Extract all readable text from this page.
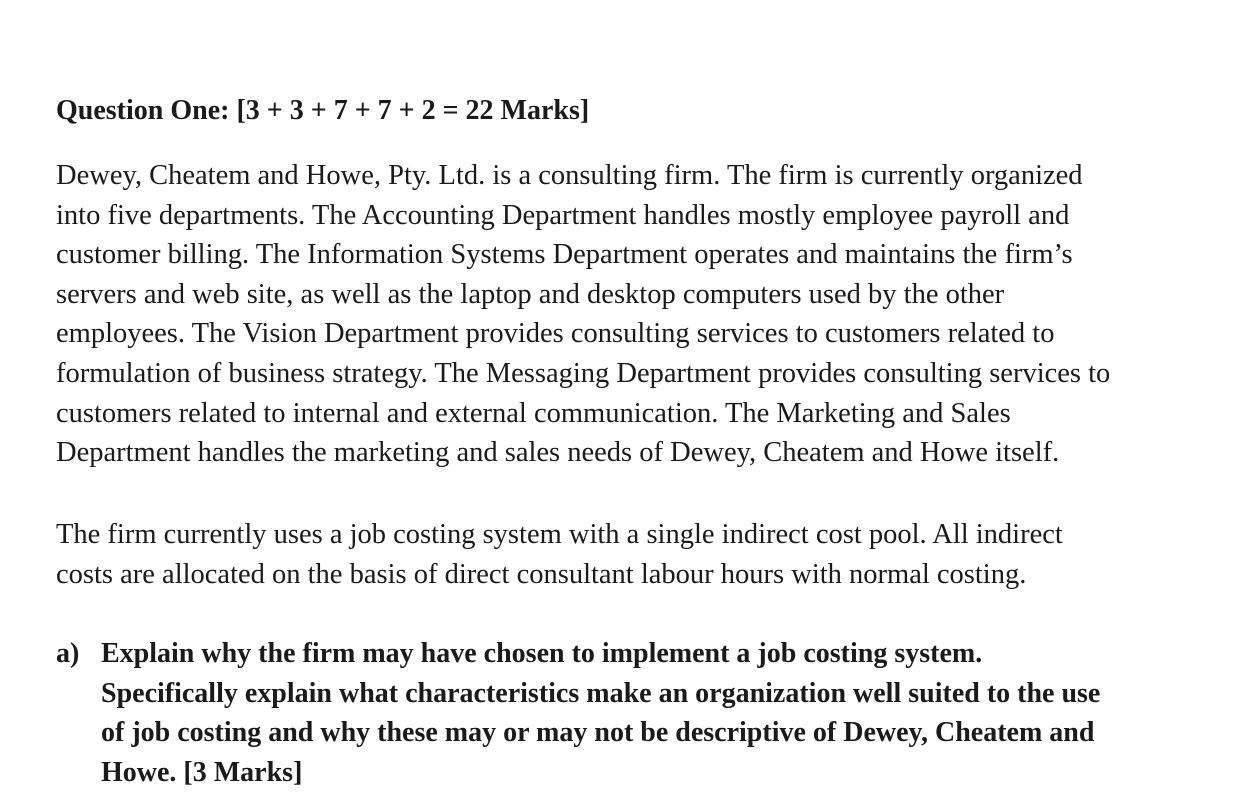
Question One: [3 + 3 + 7 + 7 + 2 = 22 Marks]

Dewey, Cheatem and Howe, Pty. Ltd. is a consulting firm. The firm is currently organized
into five departments. The Accounting Department handles mostly employee payroll and
customer billing. The Information Systems Department operates and maintains the firm’s
servers and web site, as well as the laptop and desktop computers used by the other
employees. The Vision Department provides consulting services to customers related to
formulation of business strategy. The Messaging Department provides consulting services to
customers related to internal and external communication. The Marketing and Sales
Department handles the marketing and sales needs of Dewey, Cheatem and Howe itself.

The firm currently uses a job costing system with a single indirect cost pool. All indirect
costs are allocated on the basis of direct consultant labour hours with normal costing.

a) Explain why the firm may have chosen to implement a job costing system.
Specifically explain what characteristics make an organization well suited to the use
of job costing and why these may or may not be descriptive of Dewey, Cheatem and
Howe. [3 Marks]
